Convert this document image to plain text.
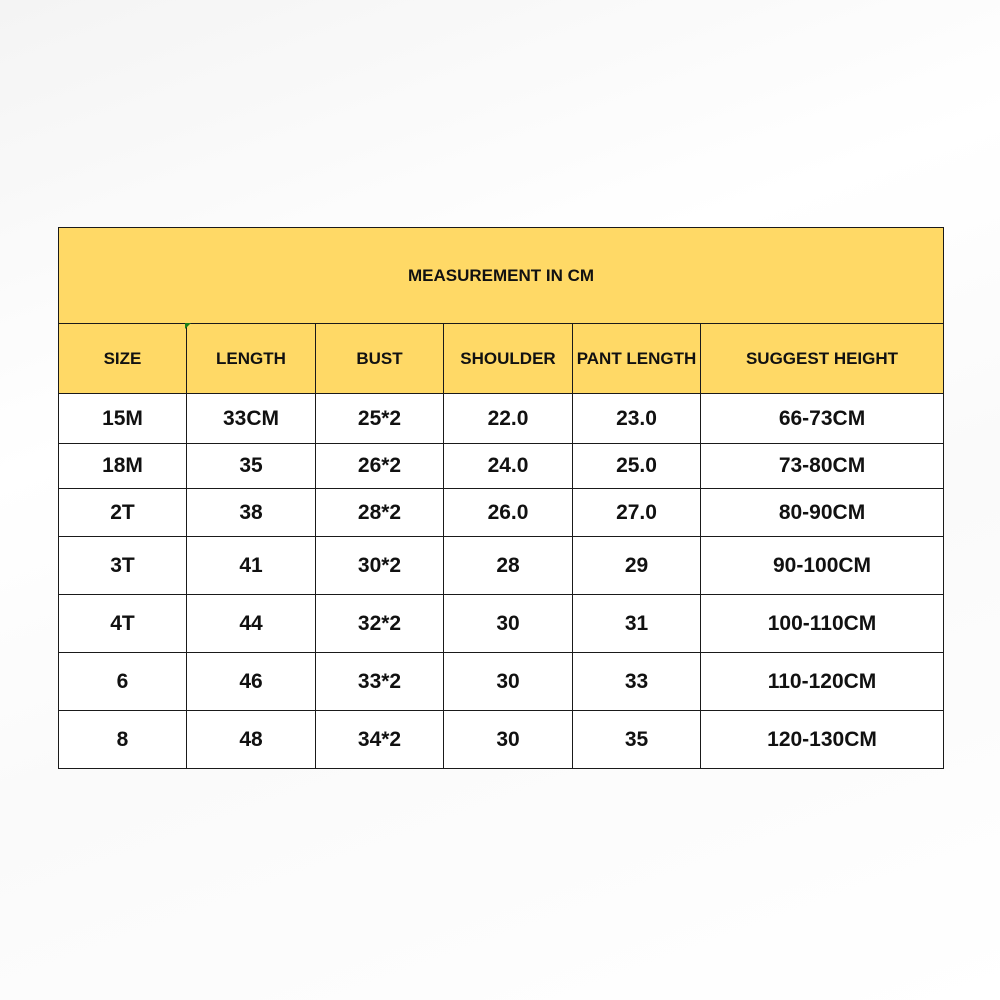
MEASUREMENT IN CM					
SIZE	LENGTH	BUST	SHOULDER	PANT LENGTH	SUGGEST HEIGHT
15M	33CM	25*2	22.0	23.0	66-73CM
18M	35	26*2	24.0	25.0	73-80CM
2T	38	28*2	26.0	27.0	80-90CM
3T	41	30*2	28	29	90-100CM
4T	44	32*2	30	31	100-110CM
6	46	33*2	30	33	110-120CM
8	48	34*2	30	35	120-130CM
